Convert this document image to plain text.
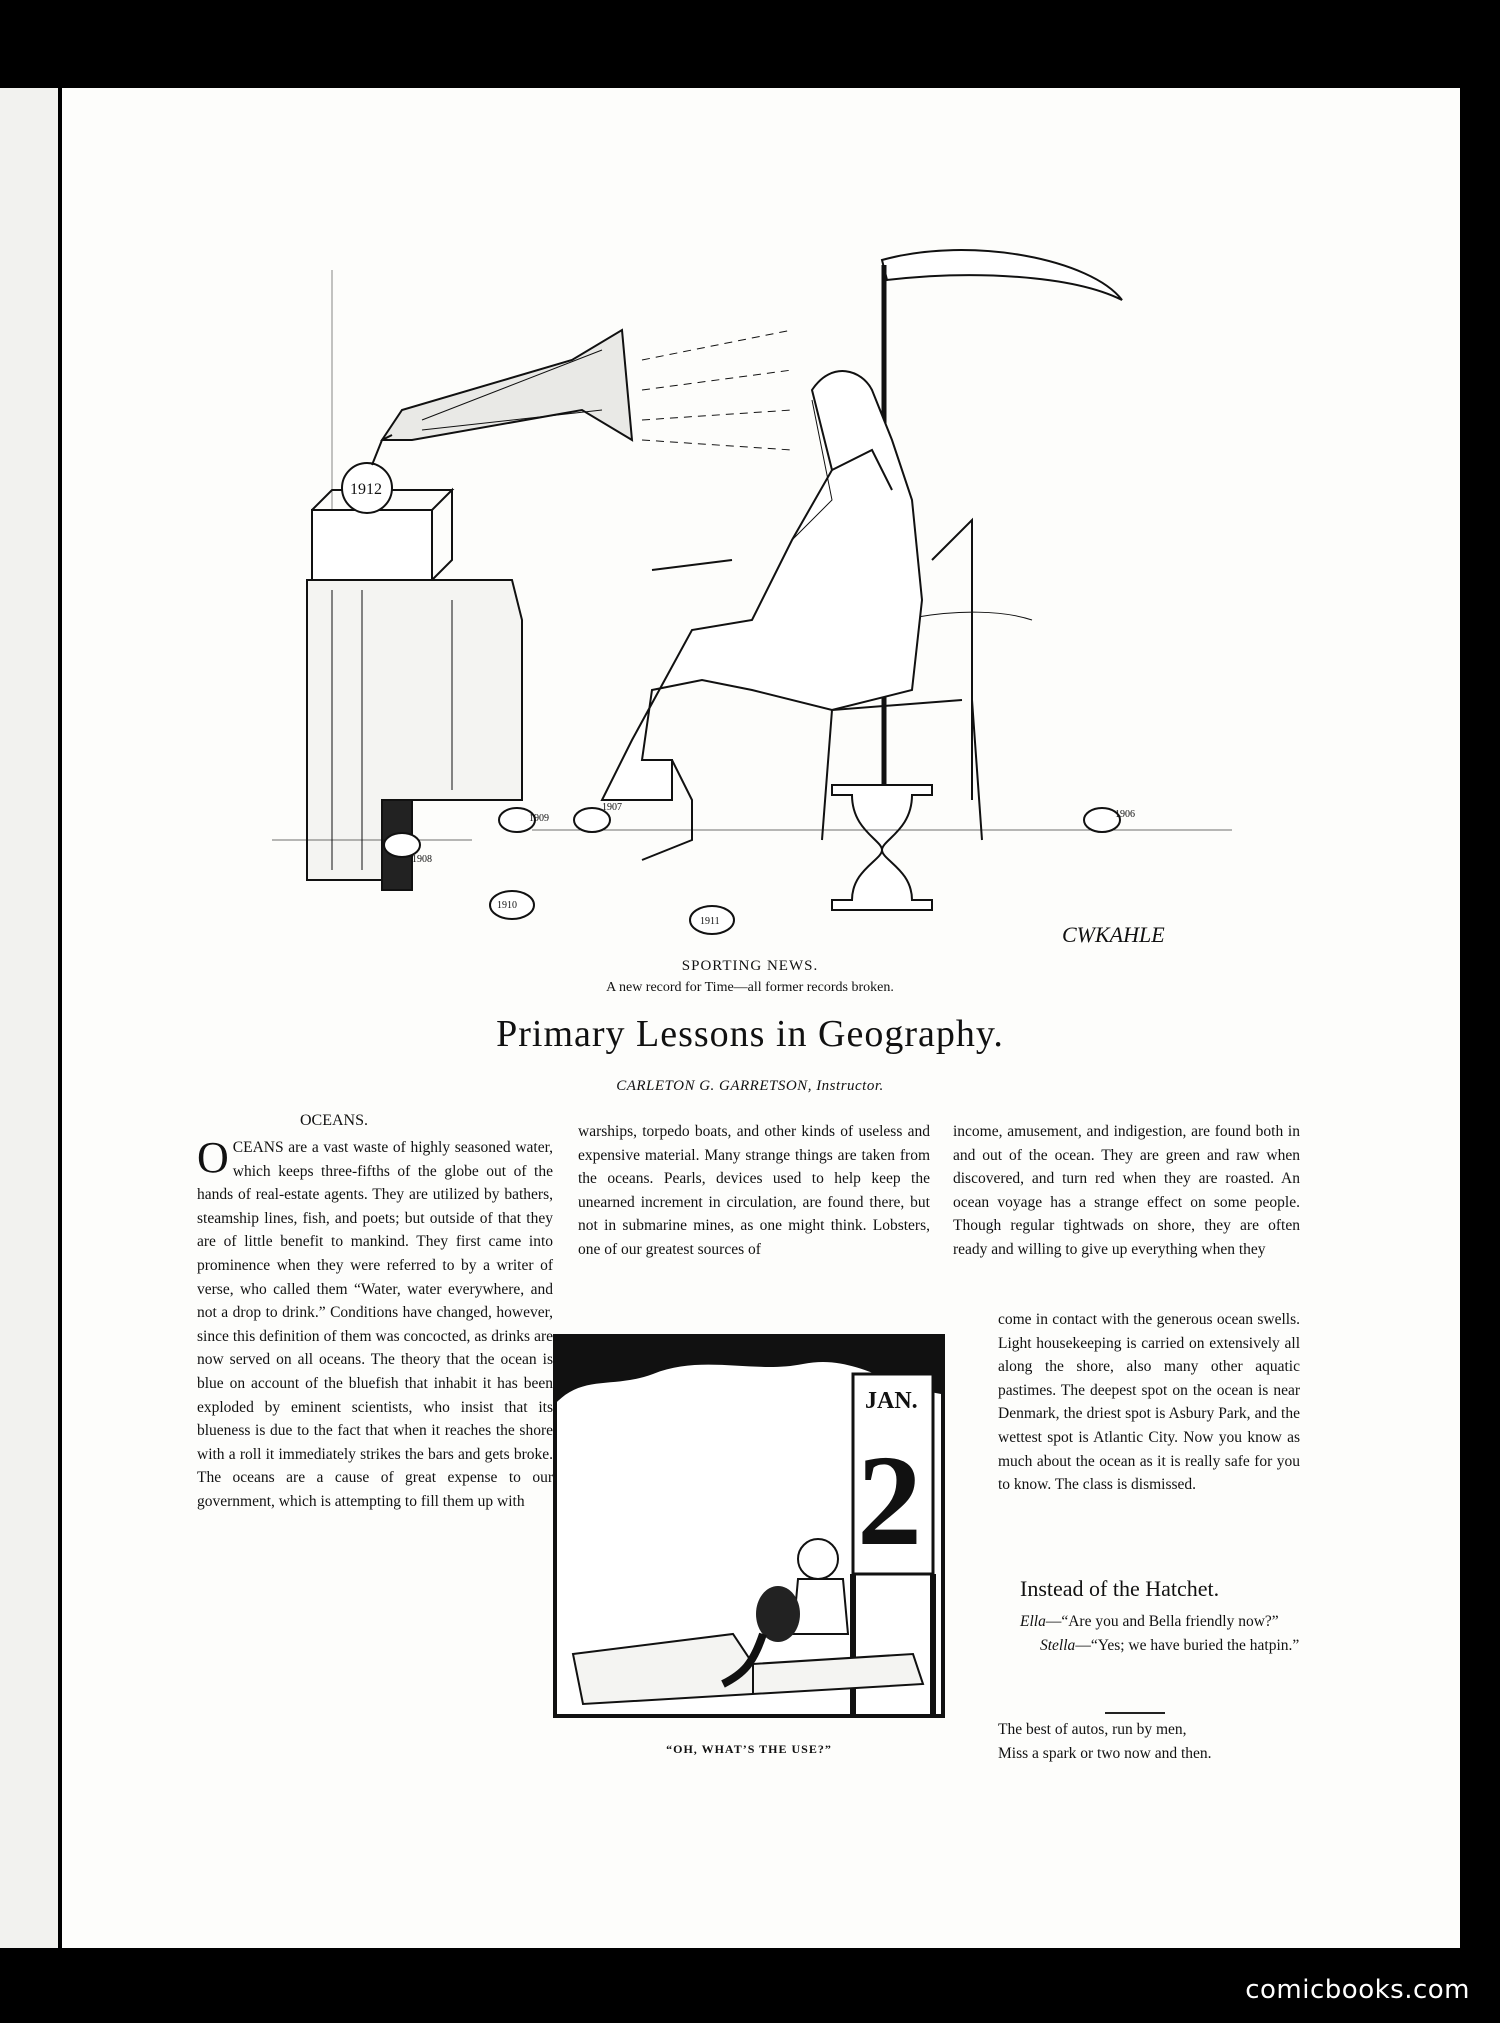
1912
1909
1907
1908
1910
1911
1906
CWKAHLE
SPORTING NEWS.
A new record for Time—all former records broken.
Primary Lessons in Geography.
CARLETON G. GARRETSON, Instructor.
OCEANS.

OCEANS are a vast waste of highly seasoned water, which keeps three-fifths of the globe out of the hands of real-estate agents. They are utilized by bathers, steamship lines, fish, and poets; but outside of that they are of little benefit to mankind. They first came into prominence when they were referred to by a writer of verse, who called them “Water, water everywhere, and not a drop to drink.” Conditions have changed, however, since this definition of them was concocted, as drinks are now served on all oceans. The theory that the ocean is blue on account of the bluefish that inhabit it has been exploded by eminent scientists, who insist that its blueness is due to the fact that when it reaches the shore with a roll it immediately strikes the bars and gets broke. The oceans are a cause of great expense to our government, which is attempting to fill them up with

warships, torpedo boats, and other kinds of useless and expensive material. Many strange things are taken from the oceans. Pearls, devices used to help keep the unearned increment in circulation, are found there, but not in submarine mines, as one might think. Lobsters, one of our greatest sources of

income, amusement, and indigestion, are found both in and out of the ocean. They are green and raw when discovered, and turn red when they are roasted. An ocean voyage has a strange effect on some people. Though regular tightwads on shore, they are often ready and willing to give up everything when they

come in contact with the generous ocean swells. Light housekeeping is carried on extensively all along the shore, also many other aquatic pastimes. The deepest spot on the ocean is near Denmark, the driest spot is Asbury Park, and the wettest spot is Atlantic City. Now you know as much about the ocean as it is really safe for you to know. The class is dismissed.

JAN.
2
“OH, WHAT’S THE USE?”
Instead of the Hatchet.

Ella—“Are you and Bella friendly now?”

Stella—“Yes; we have buried the hatpin.”

The best of autos, run by men,

Miss a spark or two now and then.

comicbooks.com
